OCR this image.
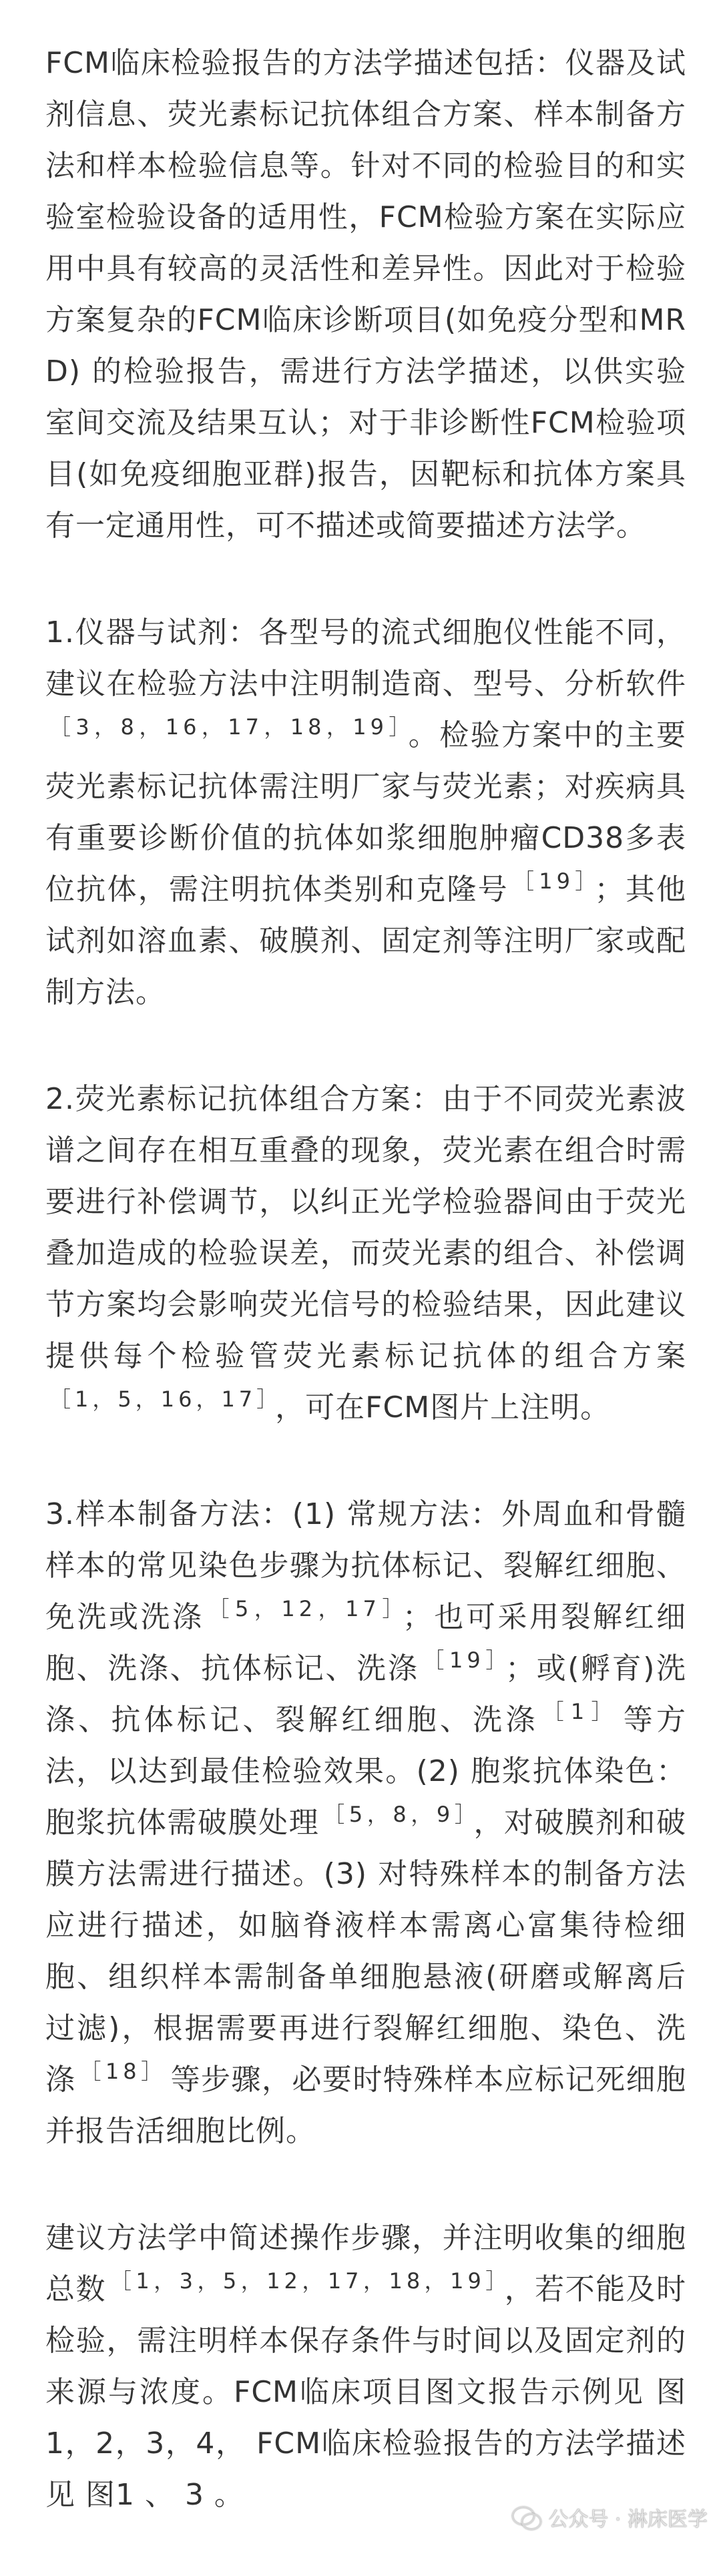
FCM临床检验报告的方法学描述包括：仪器及试剂信息、荧光素标记抗体组合方案、样本制备方法和样本检验信息等。针对不同的检验目的和实验室检验设备的适用性，FCM检验方案在实际应用中具有较高的灵活性和差异性。因此对于检验方案复杂的FCM临床诊断项目(如免疫分型和MRD) 的检验报告，需进行方法学描述，以供实验室间交流及结果互认；对于非诊断性FCM检验项目(如免疫细胞亚群)报告，因靶标和抗体方案具有一定通用性，可不描述或简要描述方法学。

1.仪器与试剂：各型号的流式细胞仪性能不同，建议在检验方法中注明制造商、型号、分析软件$^{[3,8,16,17,18,19]}$ 。检验方案中的主要荧光素标记抗体需注明厂家与荧光素；对疾病具有重要诊断价值的抗体如浆细胞肿瘤CD38多表位抗体，需注明抗体类别和克隆号 $^{[19]}$ ；其他试剂如溶血素、破膜剂、固定剂等注明厂家或配制方法。

2.荧光素标记抗体组合方案：由于不同荧光素波谱之间存在相互重叠的现象，荧光素在组合时需要进行补偿调节，以纠正光学检验器间由于荧光叠加造成的检验误差，而荧光素的组合、补偿调节方案均会影响荧光信号的检验结果，因此建议提供每个检验管荧光素标记抗体的组合方案$^{[1,5,16,17]}$ ，可在FCM图片上注明。

3.样本制备方法：(1) 常规方法：外周血和骨髓样本的常见染色步骤为抗体标记、裂解红细胞、免洗或洗涤 $^{[5,12,17]}$ ；也可采用裂解红细胞、洗涤、抗体标记、洗涤 $^{[19]}$ ；或(孵育)洗涤、抗体标记、裂解红细胞、洗涤 $^{[1]}$ 等方法，以达到最佳检验效果。(2) 胞浆抗体染色：胞浆抗体需破膜处理 $^{[5,8,9]}$ ，对破膜剂和破膜方法需进行描述。(3) 对特殊样本的制备方法应进行描述，如脑脊液样本需离心富集待检细胞、组织样本需制备单细胞悬液(研磨或解离后过滤)，根据需要再进行裂解红细胞、染色、洗涤 $^{[18]}$ 等步骤，必要时特殊样本应标记死细胞并报告活细胞比例。

建议方法学中简述操作步骤，并注明收集的细胞总数 $^{[1,3,5,12,17,18,19]}$ ，若不能及时检验，需注明样本保存条件与时间以及固定剂的来源与浓度。FCM临床项目图文报告示例见 图1，2，3，4， FCM临床检验报告的方法学描述见 图1 、 3 。

公众号 · 淋床医学
